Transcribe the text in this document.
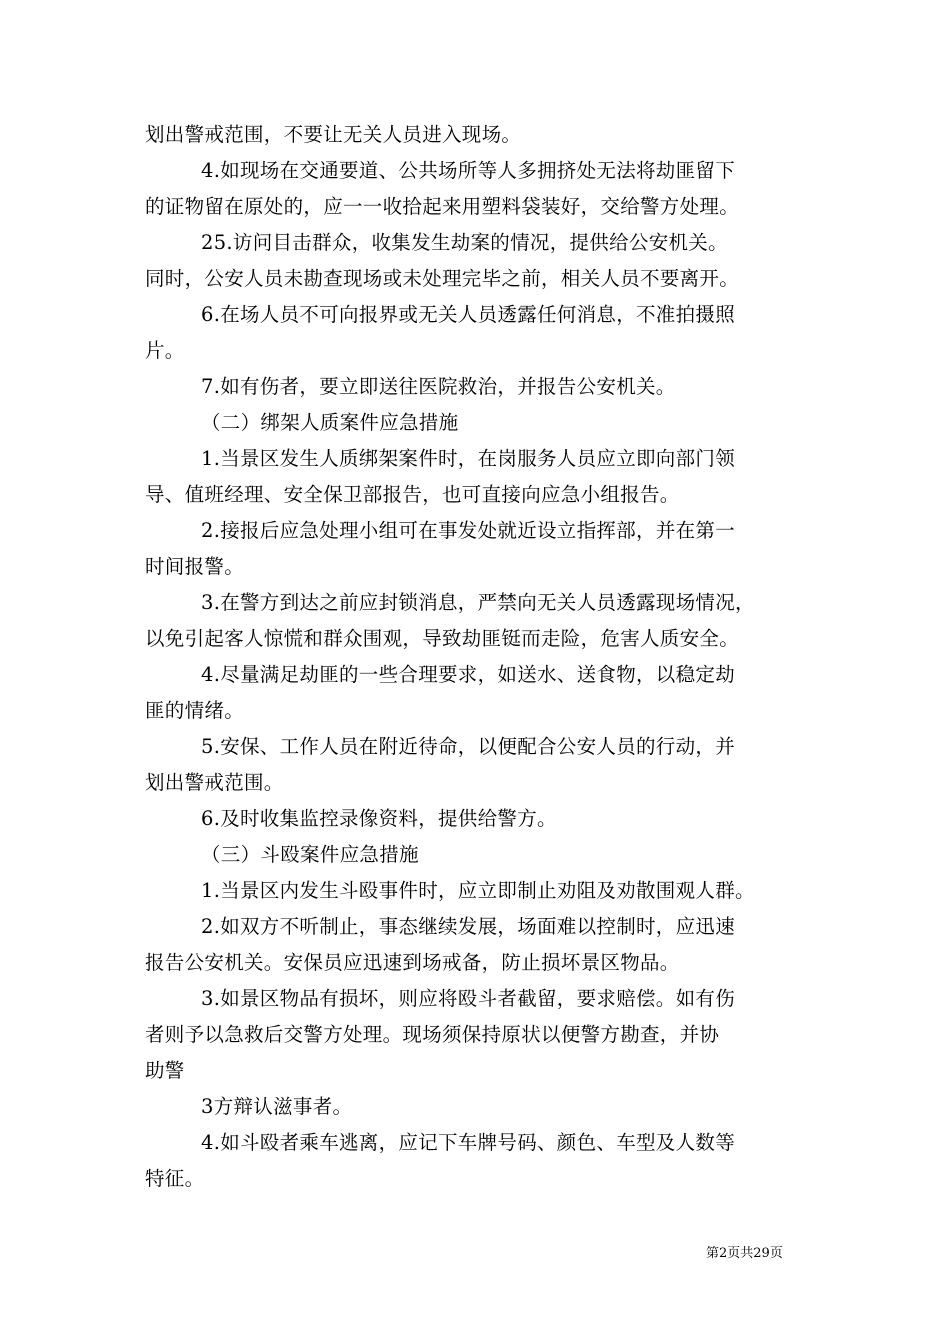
划出警戒范围，不要让无关人员进入现场。
4.如现场在交通要道、公共场所等人多拥挤处无法将劫匪留下
的证物留在原处的，应一一收拾起来用塑料袋装好，交给警方处理。
25.访问目击群众，收集发生劫案的情况，提供给公安机关。
同时，公安人员未勘查现场或未处理完毕之前，相关人员不要离开。
6.在场人员不可向报界或无关人员透露任何消息，不准拍摄照
片。
7.如有伤者，要立即送往医院救治，并报告公安机关。
（二）绑架人质案件应急措施
1.当景区发生人质绑架案件时，在岗服务人员应立即向部门领
导、值班经理、安全保卫部报告，也可直接向应急小组报告。
2.接报后应急处理小组可在事发处就近设立指挥部，并在第一
时间报警。
3.在警方到达之前应封锁消息，严禁向无关人员透露现场情况，
以免引起客人惊慌和群众围观，导致劫匪铤而走险，危害人质安全。
4.尽量满足劫匪的一些合理要求，如送水、送食物，以稳定劫
匪的情绪。
5.安保、工作人员在附近待命，以便配合公安人员的行动，并
划出警戒范围。
6.及时收集监控录像资料，提供给警方。
（三）斗殴案件应急措施
1.当景区内发生斗殴事件时，应立即制止劝阻及劝散围观人群。
2.如双方不听制止，事态继续发展，场面难以控制时，应迅速
报告公安机关。安保员应迅速到场戒备，防止损坏景区物品。
3.如景区物品有损坏，则应将殴斗者截留，要求赔偿。如有伤
者则予以急救后交警方处理。现场须保持原状以便警方勘查，并协
助警
3方辩认滋事者。
4.如斗殴者乘车逃离，应记下车牌号码、颜色、车型及人数等
特征。
第2页共29页
